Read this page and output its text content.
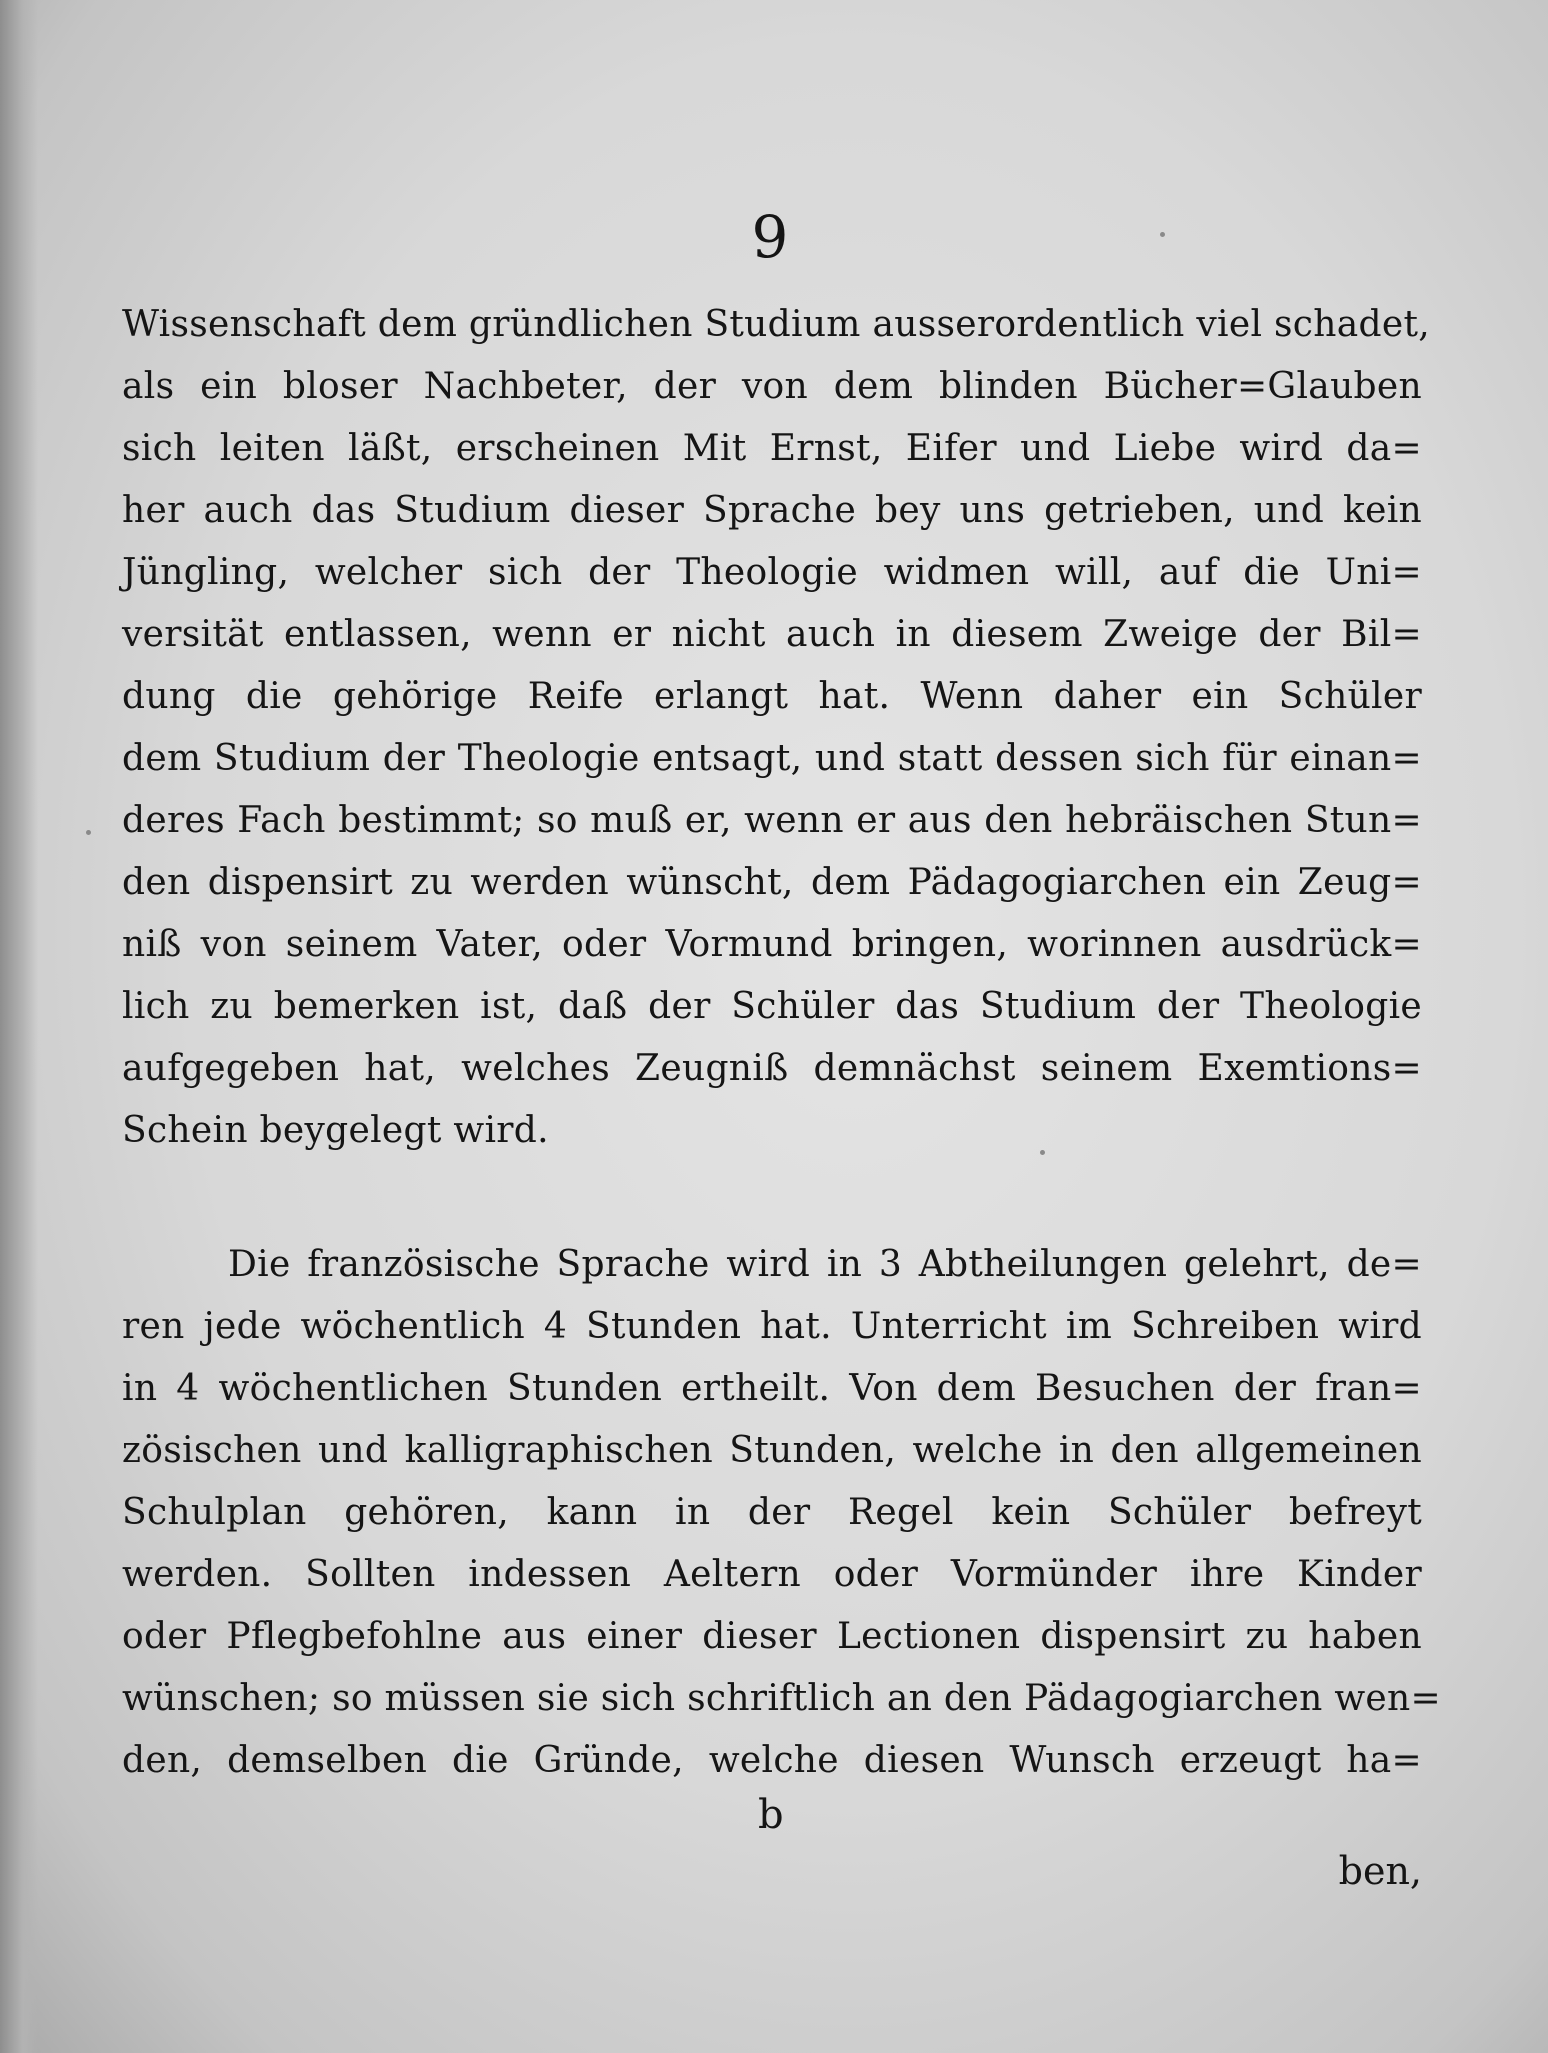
9
Wissenschaft dem gründlichen Studium ausserordentlich viel schadet,
als ein bloser Nachbeter, der von dem blinden Bücher=Glauben
sich leiten läßt, erscheinen Mit Ernst, Eifer und Liebe wird da=
her auch das Studium dieser Sprache bey uns getrieben, und kein
Jüngling, welcher sich der Theologie widmen will, auf die Uni=
versität entlassen, wenn er nicht auch in diesem Zweige der Bil=
dung die gehörige Reife erlangt hat. Wenn daher ein Schüler
dem Studium der Theologie entsagt, und statt dessen sich für einan=
deres Fach bestimmt; so muß er, wenn er aus den hebräischen Stun=
den dispensirt zu werden wünscht, dem Pädagogiarchen ein Zeug=
niß von seinem Vater, oder Vormund bringen, worinnen ausdrück=
lich zu bemerken ist, daß der Schüler das Studium der Theologie
aufgegeben hat, welches Zeugniß demnächst seinem Exemtions=
Schein beygelegt wird.
Die französische Sprache wird in 3 Abtheilungen gelehrt, de=
ren jede wöchentlich 4 Stunden hat. Unterricht im Schreiben wird
in 4 wöchentlichen Stunden ertheilt. Von dem Besuchen der fran=
zösischen und kalligraphischen Stunden, welche in den allgemeinen
Schulplan gehören, kann in der Regel kein Schüler befreyt
werden. Sollten indessen Aeltern oder Vormünder ihre Kinder
oder Pflegbefohlne aus einer dieser Lectionen dispensirt zu haben
wünschen; so müssen sie sich schriftlich an den Pädagogiarchen wen=
den, demselben die Gründe, welche diesen Wunsch erzeugt ha=
b
ben,
